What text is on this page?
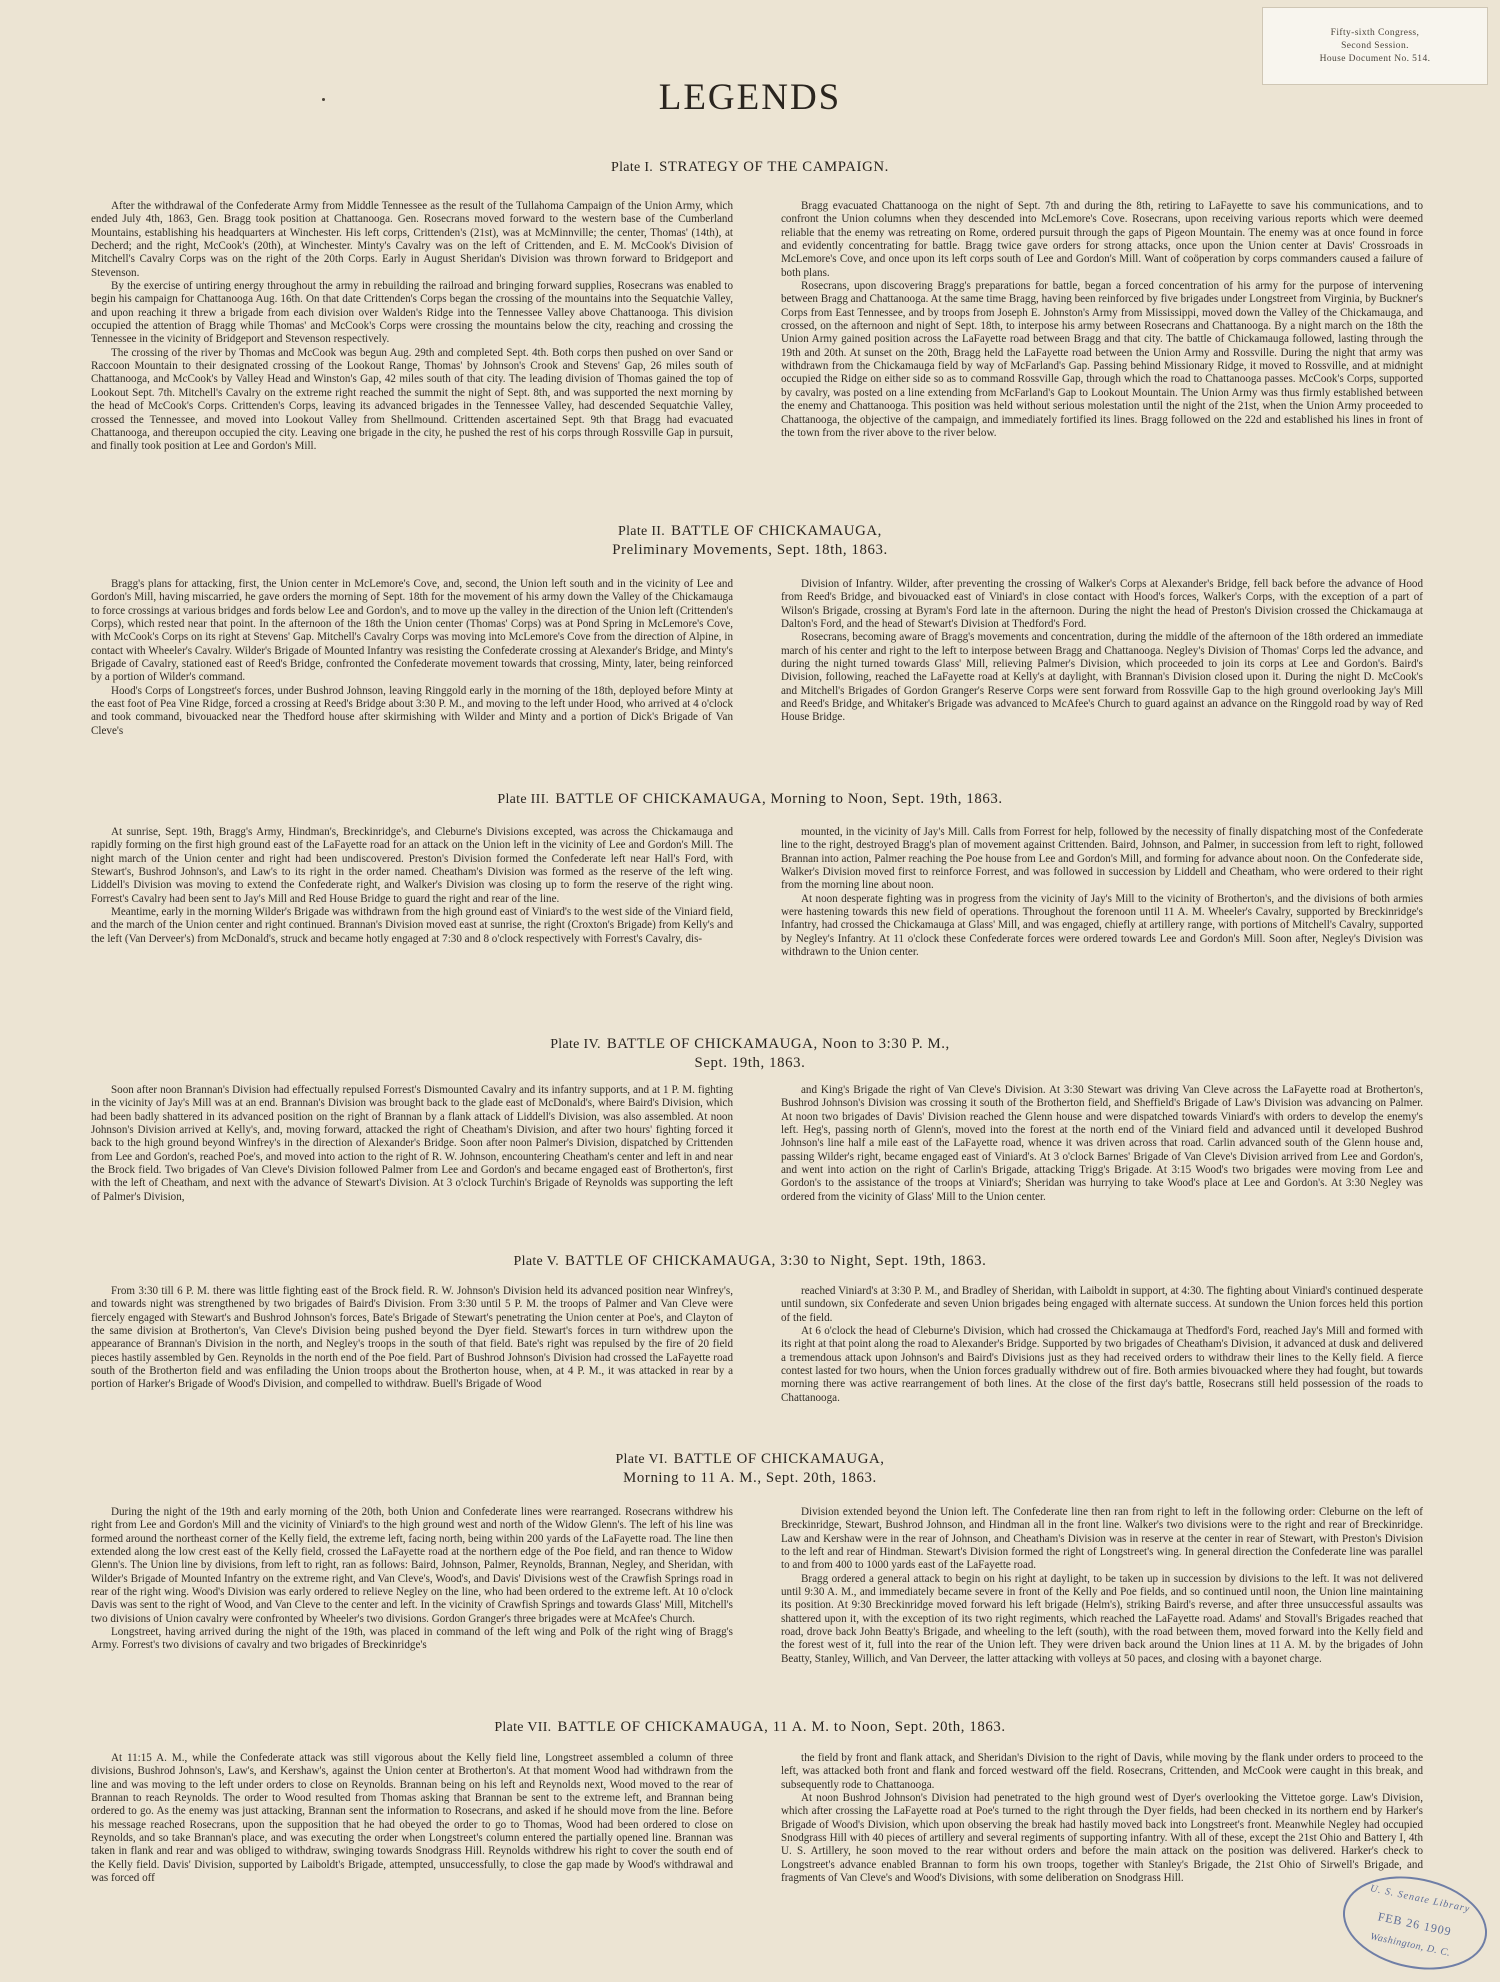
Fifty-sixth Congress,
Second Session.
House Document No. 514.
LEGENDS
Plate I. STRATEGY OF THE CAMPAIGN.

After the withdrawal of the Confederate Army from Middle Tennessee as the result of the Tullahoma Campaign of the Union Army, which ended July 4th, 1863, Gen. Bragg took position at Chattanooga. Gen. Rosecrans moved forward to the western base of the Cumberland Mountains, establishing his headquarters at Winchester. His left corps, Crittenden's (21st), was at McMinnville; the center, Thomas' (14th), at Decherd; and the right, McCook's (20th), at Winchester. Minty's Cavalry was on the left of Crittenden, and E. M. McCook's Division of Mitchell's Cavalry Corps was on the right of the 20th Corps. Early in August Sheridan's Division was thrown forward to Bridgeport and Stevenson.

By the exercise of untiring energy throughout the army in rebuilding the railroad and bringing forward supplies, Rosecrans was enabled to begin his campaign for Chattanooga Aug. 16th. On that date Crittenden's Corps began the crossing of the mountains into the Sequatchie Valley, and upon reaching it threw a brigade from each division over Walden's Ridge into the Tennessee Valley above Chattanooga. This division occupied the attention of Bragg while Thomas' and McCook's Corps were crossing the mountains below the city, reaching and crossing the Tennessee in the vicinity of Bridgeport and Stevenson respectively.

The crossing of the river by Thomas and McCook was begun Aug. 29th and completed Sept. 4th. Both corps then pushed on over Sand or Raccoon Mountain to their designated crossing of the Lookout Range, Thomas' by Johnson's Crook and Stevens' Gap, 26 miles south of Chattanooga, and McCook's by Valley Head and Winston's Gap, 42 miles south of that city. The leading division of Thomas gained the top of Lookout Sept. 7th. Mitchell's Cavalry on the extreme right reached the summit the night of Sept. 8th, and was supported the next morning by the head of McCook's Corps. Crittenden's Corps, leaving its advanced brigades in the Tennessee Valley, had descended Sequatchie Valley, crossed the Tennessee, and moved into Lookout Valley from Shellmound. Crittenden ascertained Sept. 9th that Bragg had evacuated Chattanooga, and thereupon occupied the city. Leaving one brigade in the city, he pushed the rest of his corps through Rossville Gap in pursuit, and finally took position at Lee and Gordon's Mill.

Bragg evacuated Chattanooga on the night of Sept. 7th and during the 8th, retiring to LaFayette to save his communications, and to confront the Union columns when they descended into McLemore's Cove. Rosecrans, upon receiving various reports which were deemed reliable that the enemy was retreating on Rome, ordered pursuit through the gaps of Pigeon Mountain. The enemy was at once found in force and evidently concentrating for battle. Bragg twice gave orders for strong attacks, once upon the Union center at Davis' Crossroads in McLemore's Cove, and once upon its left corps south of Lee and Gordon's Mill. Want of coöperation by corps commanders caused a failure of both plans.

Rosecrans, upon discovering Bragg's preparations for battle, began a forced concentration of his army for the purpose of intervening between Bragg and Chattanooga. At the same time Bragg, having been reinforced by five brigades under Longstreet from Virginia, by Buckner's Corps from East Tennessee, and by troops from Joseph E. Johnston's Army from Mississippi, moved down the Valley of the Chickamauga, and crossed, on the afternoon and night of Sept. 18th, to interpose his army between Rosecrans and Chattanooga. By a night march on the 18th the Union Army gained position across the LaFayette road between Bragg and that city. The battle of Chickamauga followed, lasting through the 19th and 20th. At sunset on the 20th, Bragg held the LaFayette road between the Union Army and Rossville. During the night that army was withdrawn from the Chickamauga field by way of McFarland's Gap. Passing behind Missionary Ridge, it moved to Rossville, and at midnight occupied the Ridge on either side so as to command Rossville Gap, through which the road to Chattanooga passes. McCook's Corps, supported by cavalry, was posted on a line extending from McFarland's Gap to Lookout Mountain. The Union Army was thus firmly established between the enemy and Chattanooga. This position was held without serious molestation until the night of the 21st, when the Union Army proceeded to Chattanooga, the objective of the campaign, and immediately fortified its lines. Bragg followed on the 22d and established his lines in front of the town from the river above to the river below.

Plate II. BATTLE OF CHICKAMAUGA,
Preliminary Movements, Sept. 18th, 1863.

Bragg's plans for attacking, first, the Union center in McLemore's Cove, and, second, the Union left south and in the vicinity of Lee and Gordon's Mill, having miscarried, he gave orders the morning of Sept. 18th for the movement of his army down the Valley of the Chickamauga to force crossings at various bridges and fords below Lee and Gordon's, and to move up the valley in the direction of the Union left (Crittenden's Corps), which rested near that point. In the afternoon of the 18th the Union center (Thomas' Corps) was at Pond Spring in McLemore's Cove, with McCook's Corps on its right at Stevens' Gap. Mitchell's Cavalry Corps was moving into McLemore's Cove from the direction of Alpine, in contact with Wheeler's Cavalry. Wilder's Brigade of Mounted Infantry was resisting the Confederate crossing at Alexander's Bridge, and Minty's Brigade of Cavalry, stationed east of Reed's Bridge, confronted the Confederate movement towards that crossing, Minty, later, being reinforced by a portion of Wilder's command.

Hood's Corps of Longstreet's forces, under Bushrod Johnson, leaving Ringgold early in the morning of the 18th, deployed before Minty at the east foot of Pea Vine Ridge, forced a crossing at Reed's Bridge about 3:30 P. M., and moving to the left under Hood, who arrived at 4 o'clock and took command, bivouacked near the Thedford house after skirmishing with Wilder and Minty and a portion of Dick's Brigade of Van Cleve's

Division of Infantry. Wilder, after preventing the crossing of Walker's Corps at Alexander's Bridge, fell back before the advance of Hood from Reed's Bridge, and bivouacked east of Viniard's in close contact with Hood's forces, Walker's Corps, with the exception of a part of Wilson's Brigade, crossing at Byram's Ford late in the afternoon. During the night the head of Preston's Division crossed the Chickamauga at Dalton's Ford, and the head of Stewart's Division at Thedford's Ford.

Rosecrans, becoming aware of Bragg's movements and concentration, during the middle of the afternoon of the 18th ordered an immediate march of his center and right to the left to interpose between Bragg and Chattanooga. Negley's Division of Thomas' Corps led the advance, and during the night turned towards Glass' Mill, relieving Palmer's Division, which proceeded to join its corps at Lee and Gordon's. Baird's Division, following, reached the LaFayette road at Kelly's at daylight, with Brannan's Division closed upon it. During the night D. McCook's and Mitchell's Brigades of Gordon Granger's Reserve Corps were sent forward from Rossville Gap to the high ground overlooking Jay's Mill and Reed's Bridge, and Whitaker's Brigade was advanced to McAfee's Church to guard against an advance on the Ringgold road by way of Red House Bridge.

Plate III. BATTLE OF CHICKAMAUGA, Morning to Noon, Sept. 19th, 1863.

At sunrise, Sept. 19th, Bragg's Army, Hindman's, Breckinridge's, and Cleburne's Divisions excepted, was across the Chickamauga and rapidly forming on the first high ground east of the LaFayette road for an attack on the Union left in the vicinity of Lee and Gordon's Mill. The night march of the Union center and right had been undiscovered. Preston's Division formed the Confederate left near Hall's Ford, with Stewart's, Bushrod Johnson's, and Law's to its right in the order named. Cheatham's Division was formed as the reserve of the left wing. Liddell's Division was moving to extend the Confederate right, and Walker's Division was closing up to form the reserve of the right wing. Forrest's Cavalry had been sent to Jay's Mill and Red House Bridge to guard the right and rear of the line.

Meantime, early in the morning Wilder's Brigade was withdrawn from the high ground east of Viniard's to the west side of the Viniard field, and the march of the Union center and right continued. Brannan's Division moved east at sunrise, the right (Croxton's Brigade) from Kelly's and the left (Van Derveer's) from McDonald's, struck and became hotly engaged at 7:30 and 8 o'clock respectively with Forrest's Cavalry, dis-

mounted, in the vicinity of Jay's Mill. Calls from Forrest for help, followed by the necessity of finally dispatching most of the Confederate line to the right, destroyed Bragg's plan of movement against Crittenden. Baird, Johnson, and Palmer, in succession from left to right, followed Brannan into action, Palmer reaching the Poe house from Lee and Gordon's Mill, and forming for advance about noon. On the Confederate side, Walker's Division moved first to reinforce Forrest, and was followed in succession by Liddell and Cheatham, who were ordered to their right from the morning line about noon.

At noon desperate fighting was in progress from the vicinity of Jay's Mill to the vicinity of Brotherton's, and the divisions of both armies were hastening towards this new field of operations. Throughout the forenoon until 11 A. M. Wheeler's Cavalry, supported by Breckinridge's Infantry, had crossed the Chickamauga at Glass' Mill, and was engaged, chiefly at artillery range, with portions of Mitchell's Cavalry, supported by Negley's Infantry. At 11 o'clock these Confederate forces were ordered towards Lee and Gordon's Mill. Soon after, Negley's Division was withdrawn to the Union center.

Plate IV. BATTLE OF CHICKAMAUGA, Noon to 3:30 P. M.,
Sept. 19th, 1863.

Soon after noon Brannan's Division had effectually repulsed Forrest's Dismounted Cavalry and its infantry supports, and at 1 P. M. fighting in the vicinity of Jay's Mill was at an end. Brannan's Division was brought back to the glade east of McDonald's, where Baird's Division, which had been badly shattered in its advanced position on the right of Brannan by a flank attack of Liddell's Division, was also assembled. At noon Johnson's Division arrived at Kelly's, and, moving forward, attacked the right of Cheatham's Division, and after two hours' fighting forced it back to the high ground beyond Winfrey's in the direction of Alexander's Bridge. Soon after noon Palmer's Division, dispatched by Crittenden from Lee and Gordon's, reached Poe's, and moved into action to the right of R. W. Johnson, encountering Cheatham's center and left in and near the Brock field. Two brigades of Van Cleve's Division followed Palmer from Lee and Gordon's and became engaged east of Brotherton's, first with the left of Cheatham, and next with the advance of Stewart's Division. At 3 o'clock Turchin's Brigade of Reynolds was supporting the left of Palmer's Division,

and King's Brigade the right of Van Cleve's Division. At 3:30 Stewart was driving Van Cleve across the LaFayette road at Brotherton's, Bushrod Johnson's Division was crossing it south of the Brotherton field, and Sheffield's Brigade of Law's Division was advancing on Palmer. At noon two brigades of Davis' Division reached the Glenn house and were dispatched towards Viniard's with orders to develop the enemy's left. Heg's, passing north of Glenn's, moved into the forest at the north end of the Viniard field and advanced until it developed Bushrod Johnson's line half a mile east of the LaFayette road, whence it was driven across that road. Carlin advanced south of the Glenn house and, passing Wilder's right, became engaged east of Viniard's. At 3 o'clock Barnes' Brigade of Van Cleve's Division arrived from Lee and Gordon's, and went into action on the right of Carlin's Brigade, attacking Trigg's Brigade. At 3:15 Wood's two brigades were moving from Lee and Gordon's to the assistance of the troops at Viniard's; Sheridan was hurrying to take Wood's place at Lee and Gordon's. At 3:30 Negley was ordered from the vicinity of Glass' Mill to the Union center.

Plate V. BATTLE OF CHICKAMAUGA, 3:30 to Night, Sept. 19th, 1863.

From 3:30 till 6 P. M. there was little fighting east of the Brock field. R. W. Johnson's Division held its advanced position near Winfrey's, and towards night was strengthened by two brigades of Baird's Division. From 3:30 until 5 P. M. the troops of Palmer and Van Cleve were fiercely engaged with Stewart's and Bushrod Johnson's forces, Bate's Brigade of Stewart's penetrating the Union center at Poe's, and Clayton of the same division at Brotherton's, Van Cleve's Division being pushed beyond the Dyer field. Stewart's forces in turn withdrew upon the appearance of Brannan's Division in the north, and Negley's troops in the south of that field. Bate's right was repulsed by the fire of 20 field pieces hastily assembled by Gen. Reynolds in the north end of the Poe field. Part of Bushrod Johnson's Division had crossed the LaFayette road south of the Brotherton field and was enfilading the Union troops about the Brotherton house, when, at 4 P. M., it was attacked in rear by a portion of Harker's Brigade of Wood's Division, and compelled to withdraw. Buell's Brigade of Wood

reached Viniard's at 3:30 P. M., and Bradley of Sheridan, with Laiboldt in support, at 4:30. The fighting about Viniard's continued desperate until sundown, six Confederate and seven Union brigades being engaged with alternate success. At sundown the Union forces held this portion of the field.

At 6 o'clock the head of Cleburne's Division, which had crossed the Chickamauga at Thedford's Ford, reached Jay's Mill and formed with its right at that point along the road to Alexander's Bridge. Supported by two brigades of Cheatham's Division, it advanced at dusk and delivered a tremendous attack upon Johnson's and Baird's Divisions just as they had received orders to withdraw their lines to the Kelly field. A fierce contest lasted for two hours, when the Union forces gradually withdrew out of fire. Both armies bivouacked where they had fought, but towards morning there was active rearrangement of both lines. At the close of the first day's battle, Rosecrans still held possession of the roads to Chattanooga.

Plate VI. BATTLE OF CHICKAMAUGA,
Morning to 11 A. M., Sept. 20th, 1863.

During the night of the 19th and early morning of the 20th, both Union and Confederate lines were rearranged. Rosecrans withdrew his right from Lee and Gordon's Mill and the vicinity of Viniard's to the high ground west and north of the Widow Glenn's. The left of his line was formed around the northeast corner of the Kelly field, the extreme left, facing north, being within 200 yards of the LaFayette road. The line then extended along the low crest east of the Kelly field, crossed the LaFayette road at the northern edge of the Poe field, and ran thence to Widow Glenn's. The Union line by divisions, from left to right, ran as follows: Baird, Johnson, Palmer, Reynolds, Brannan, Negley, and Sheridan, with Wilder's Brigade of Mounted Infantry on the extreme right, and Van Cleve's, Wood's, and Davis' Divisions west of the Crawfish Springs road in rear of the right wing. Wood's Division was early ordered to relieve Negley on the line, who had been ordered to the extreme left. At 10 o'clock Davis was sent to the right of Wood, and Van Cleve to the center and left. In the vicinity of Crawfish Springs and towards Glass' Mill, Mitchell's two divisions of Union cavalry were confronted by Wheeler's two divisions. Gordon Granger's three brigades were at McAfee's Church.

Longstreet, having arrived during the night of the 19th, was placed in command of the left wing and Polk of the right wing of Bragg's Army. Forrest's two divisions of cavalry and two brigades of Breckinridge's

Division extended beyond the Union left. The Confederate line then ran from right to left in the following order: Cleburne on the left of Breckinridge, Stewart, Bushrod Johnson, and Hindman all in the front line. Walker's two divisions were to the right and rear of Breckinridge. Law and Kershaw were in the rear of Johnson, and Cheatham's Division was in reserve at the center in rear of Stewart, with Preston's Division to the left and rear of Hindman. Stewart's Division formed the right of Longstreet's wing. In general direction the Confederate line was parallel to and from 400 to 1000 yards east of the LaFayette road.

Bragg ordered a general attack to begin on his right at daylight, to be taken up in succession by divisions to the left. It was not delivered until 9:30 A. M., and immediately became severe in front of the Kelly and Poe fields, and so continued until noon, the Union line maintaining its position. At 9:30 Breckinridge moved forward his left brigade (Helm's), striking Baird's reverse, and after three unsuccessful assaults was shattered upon it, with the exception of its two right regiments, which reached the LaFayette road. Adams' and Stovall's Brigades reached that road, drove back John Beatty's Brigade, and wheeling to the left (south), with the road between them, moved forward into the Kelly field and the forest west of it, full into the rear of the Union left. They were driven back around the Union lines at 11 A. M. by the brigades of John Beatty, Stanley, Willich, and Van Derveer, the latter attacking with volleys at 50 paces, and closing with a bayonet charge.

Plate VII. BATTLE OF CHICKAMAUGA, 11 A. M. to Noon, Sept. 20th, 1863.

At 11:15 A. M., while the Confederate attack was still vigorous about the Kelly field line, Longstreet assembled a column of three divisions, Bushrod Johnson's, Law's, and Kershaw's, against the Union center at Brotherton's. At that moment Wood had withdrawn from the line and was moving to the left under orders to close on Reynolds. Brannan being on his left and Reynolds next, Wood moved to the rear of Brannan to reach Reynolds. The order to Wood resulted from Thomas asking that Brannan be sent to the extreme left, and Brannan being ordered to go. As the enemy was just attacking, Brannan sent the information to Rosecrans, and asked if he should move from the line. Before his message reached Rosecrans, upon the supposition that he had obeyed the order to go to Thomas, Wood had been ordered to close on Reynolds, and so take Brannan's place, and was executing the order when Longstreet's column entered the partially opened line. Brannan was taken in flank and rear and was obliged to withdraw, swinging towards Snodgrass Hill. Reynolds withdrew his right to cover the south end of the Kelly field. Davis' Division, supported by Laiboldt's Brigade, attempted, unsuccessfully, to close the gap made by Wood's withdrawal and was forced off

the field by front and flank attack, and Sheridan's Division to the right of Davis, while moving by the flank under orders to proceed to the left, was attacked both front and flank and forced westward off the field. Rosecrans, Crittenden, and McCook were caught in this break, and subsequently rode to Chattanooga.

At noon Bushrod Johnson's Division had penetrated to the high ground west of Dyer's overlooking the Vittetoe gorge. Law's Division, which after crossing the LaFayette road at Poe's turned to the right through the Dyer fields, had been checked in its northern end by Harker's Brigade of Wood's Division, which upon observing the break had hastily moved back into Longstreet's front. Meanwhile Negley had occupied Snodgrass Hill with 40 pieces of artillery and several regiments of supporting infantry. With all of these, except the 21st Ohio and Battery I, 4th U. S. Artillery, he soon moved to the rear without orders and before the main attack on the position was delivered. Harker's check to Longstreet's advance enabled Brannan to form his own troops, together with Stanley's Brigade, the 21st Ohio of Sirwell's Brigade, and fragments of Van Cleve's and Wood's Divisions, with some deliberation on Snodgrass Hill.

U. S. Senate Library
FEB 26 1909
Washington, D. C.
